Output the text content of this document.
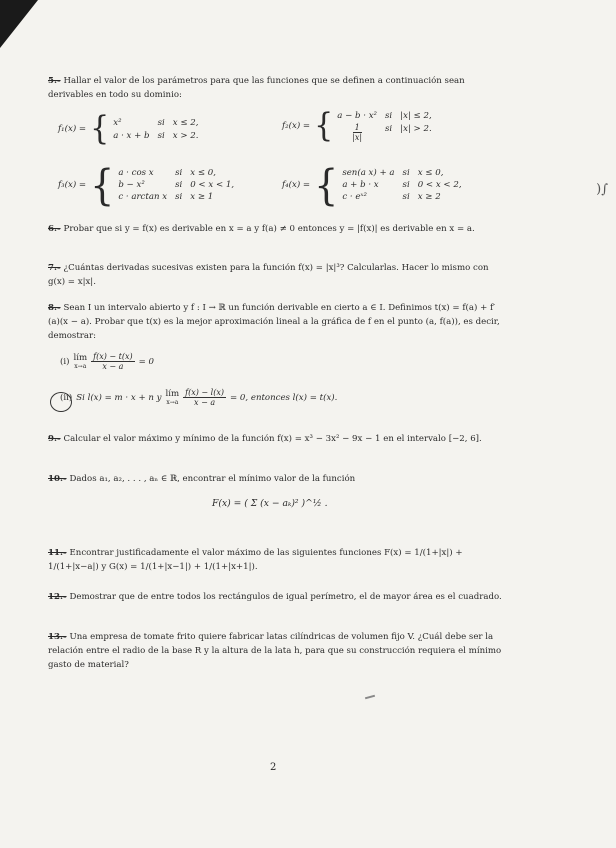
)∫
5.- Hallar el valor de los parámetros para que las funciones que se definen a continuación sean derivables en todo su dominio:
f₁(x) = { x²	si x ≤ 2,
a · x + b si x > 2.
f₂(x) = { a − b · x² si |x| ≤ 2,
$\frac{1}{|x|}$ si |x| > 2.
f₃(x) = { a · cos x	si x ≤ 0,
b − x²	si 0 < x < 1,
c · arctan x si x ≥ 1
f₄(x) = { sen(a x) + a si x ≤ 0,
a + b · x	si 0 < x < 2,
c · eˣ²	si x ≥ 2
6.- Probar que si y = f(x) es derivable en x = a y f(a) ≠ 0 entonces y = |f(x)| es derivable en x = a.
7.- ¿Cuántas derivadas sucesivas existen para la función f(x) = |x|³? Calcularlas. Hacer lo mismo con g(x) = x|x|.
8.- Sean I un intervalo abierto y f : I → ℝ un función derivable en cierto a ∈ I. Definimos t(x) = f(a) + f′(a)(x − a). Probar que t(x) es la mejor aproximación lineal a la gráfica de f en el punto (a, f(a)), es decir, demostrar:
(i) lím
$x\to a \frac{f(x) - t(x)}{x - a} = 0$
(ii) Si l(x) = m · x + n y lím
$x\to a \frac{f(x) - l(x)}{x - a} = 0$, entonces l(x) = t(x).
9.- Calcular el valor máximo y mínimo de la función f(x) = x³ − 3x² − 9x − 1 en el intervalo [−2, 6].
10.- Dados a₁, a₂, . . . , aₙ ∈ ℝ, encontrar el mínimo valor de la función
F(x) = ( Σ (x − aₖ)² )^½ .
11.- Encontrar justificadamente el valor máximo de las siguientes funciones F(x) = 1/(1+|x|) + 1/(1+|x−a|) y G(x) = 1/(1+|x−1|) + 1/(1+|x+1|).
12.- Demostrar que de entre todos los rectángulos de igual perímetro, el de mayor área es el cuadrado.
13.- Una empresa de tomate frito quiere fabricar latas cilíndricas de volumen fijo V. ¿Cuál debe ser la relación entre el radio de la base R y la altura de la lata h, para que su construcción requiera el mínimo gasto de material?
2
